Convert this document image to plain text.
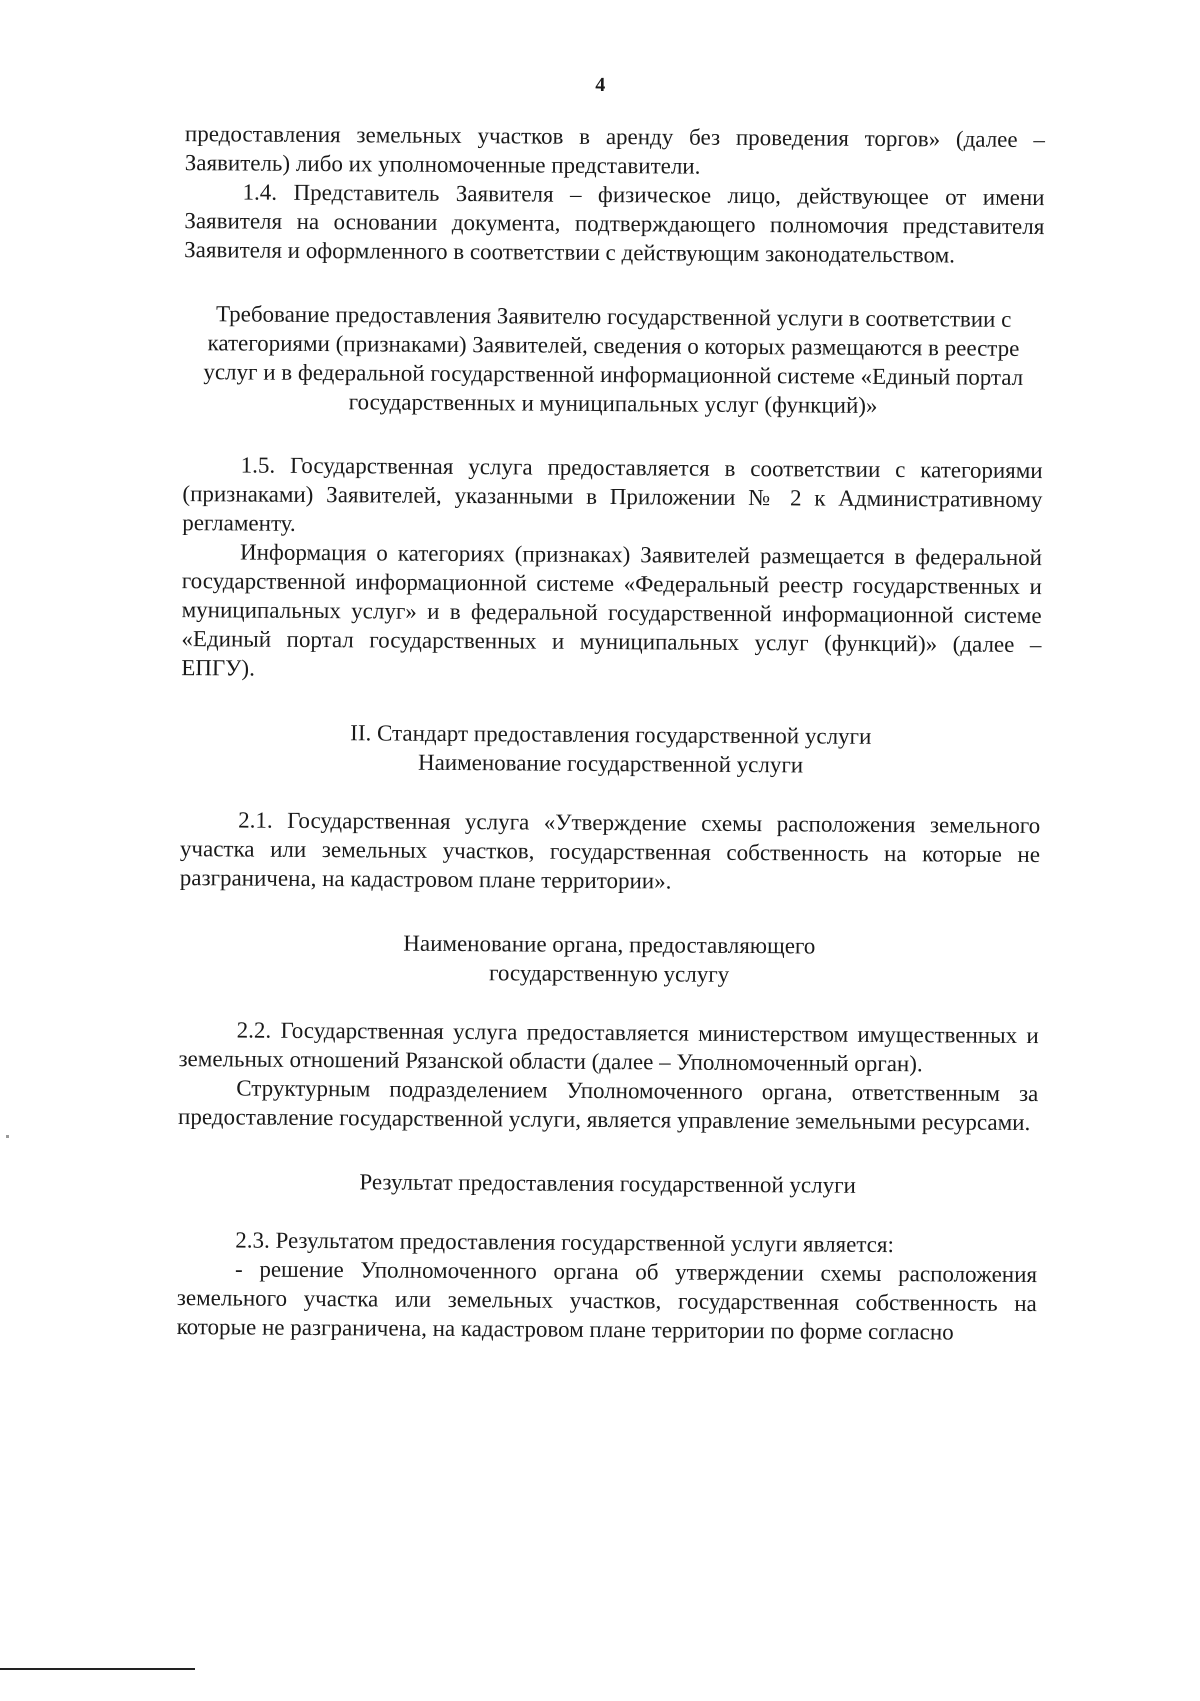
4

предоставления земельных участков в аренду без проведения торгов» (далее – Заявитель) либо их уполномоченные представители.

1.4. Представитель Заявителя – физическое лицо, действующее от имени Заявителя на основании документа, подтверждающего полномочия представителя Заявителя и оформленного в соответствии с действующим законодательством.

Требование предоставления Заявителю государственной услуги в соответствии с категориями (признаками) Заявителей, сведения о которых размещаются в реестре услуг и в федеральной государственной информационной системе «Единый портал государственных и муниципальных услуг (функций)»

1.5. Государственная услуга предоставляется в соответствии с категориями (признаками) Заявителей, указанными в Приложении № 2 к Административному регламенту.

Информация о категориях (признаках) Заявителей размещается в федеральной государственной информационной системе «Федеральный реестр государственных и муниципальных услуг» и в федеральной государственной информационной системе «Единый портал государственных и муниципальных услуг (функций)» (далее – ЕПГУ).

II. Стандарт предоставления государственной услуги

Наименование государственной услуги

2.1. Государственная услуга «Утверждение схемы расположения земельного участка или земельных участков, государственная собственность на которые не разграничена, на кадастровом плане территории».

Наименование органа, предоставляющего

государственную услугу

2.2. Государственная услуга предоставляется министерством имущественных и земельных отношений Рязанской области (далее – Уполномоченный орган).

Структурным подразделением Уполномоченного органа, ответственным за предоставление государственной услуги, является управление земельными ресурсами.

Результат предоставления государственной услуги

2.3. Результатом предоставления государственной услуги является:

- решение Уполномоченного органа об утверждении схемы расположения земельного участка или земельных участков, государственная собственность на которые не разграничена, на кадастровом плане территории по форме согласно
